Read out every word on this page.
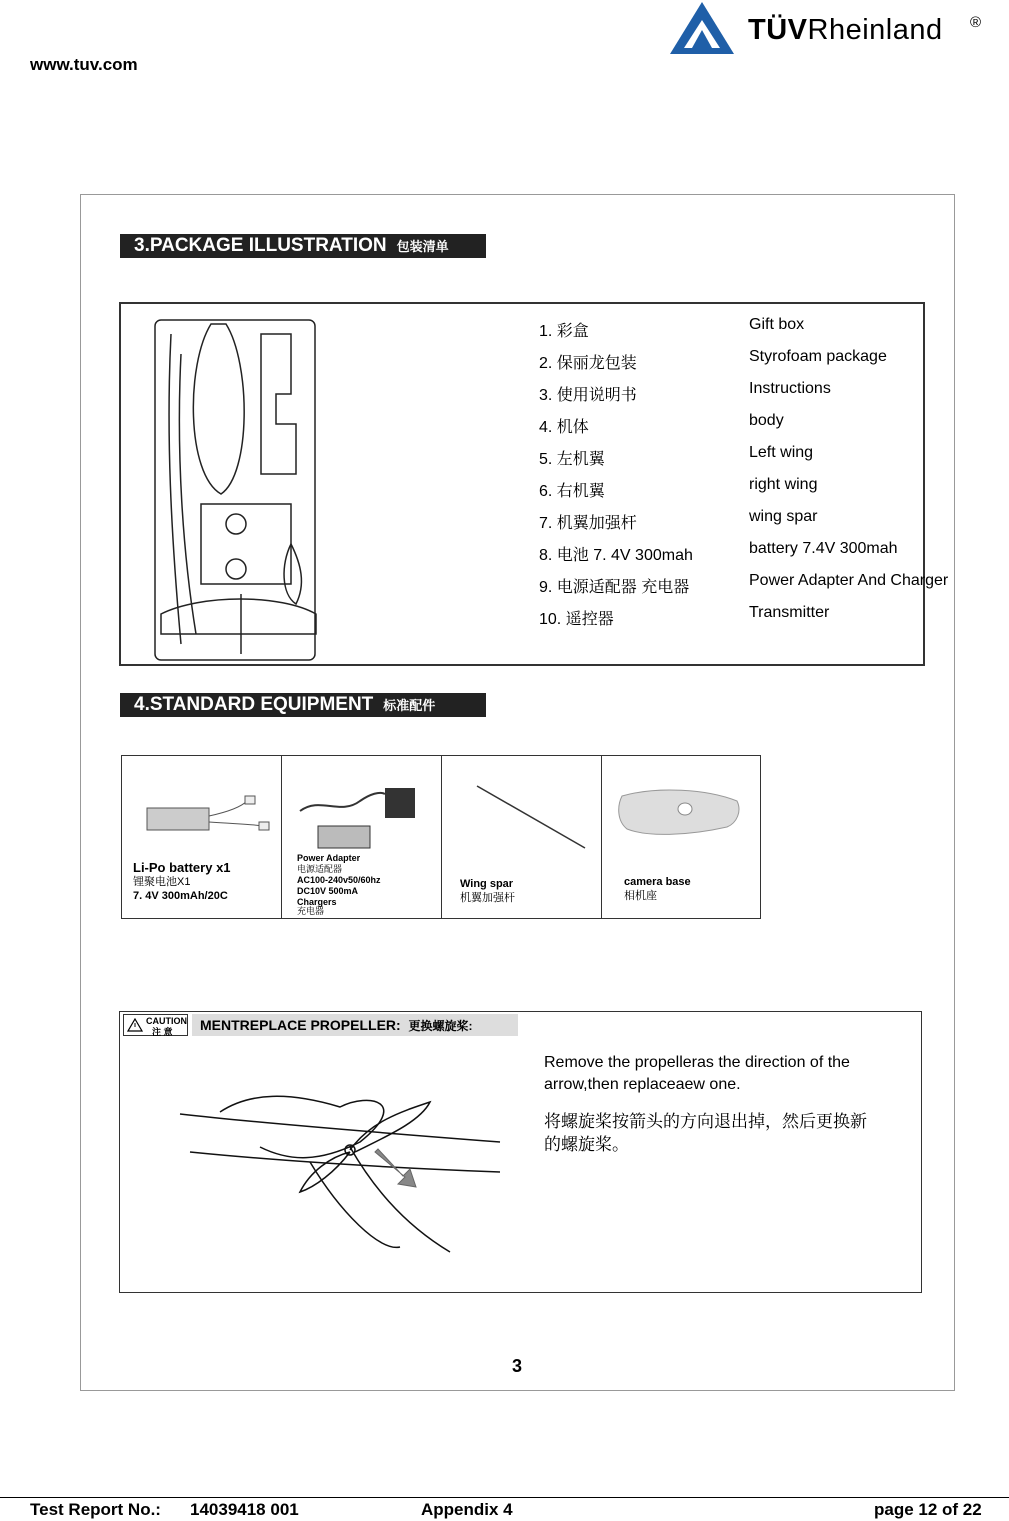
www.tuv.com
TÜVRheinland ®
3.PACKAGE ILLUSTRATION 包装清单
1. 彩盒	Gift box
2. 保丽龙包装	Styrofoam package
3. 使用说明书	Instructions
4. 机体	body
5. 左机翼	Left wing
6. 右机翼	right wing
7. 机翼加强杆	wing spar
8. 电池 7. 4V 300mah	battery 7.4V 300mah
9. 电源适配器 充电器	Power Adapter And Charger
10. 遥控器	Transmitter
4.STANDARD EQUIPMENT 标准配件
Li-Po battery x1
锂聚电池X1
7. 4V 300mAh/20C
Power Adapter
电源适配器
AC100-240v50/60hz
DC10V 500mA
Chargers
充电器
Wing spar
机翼加强杆
camera base
相机座
Remove the propelleras the direction of the
arrow,then replaceaew one.
将螺旋桨按箭头的方向退出掉，然后更换新
的螺旋桨。
CAUTION
注 意	MENTREPLACE PROPELLER: 更换螺旋桨:
3
Test Report No.: 14039418 001	Appendix 4	page 12 of 22
